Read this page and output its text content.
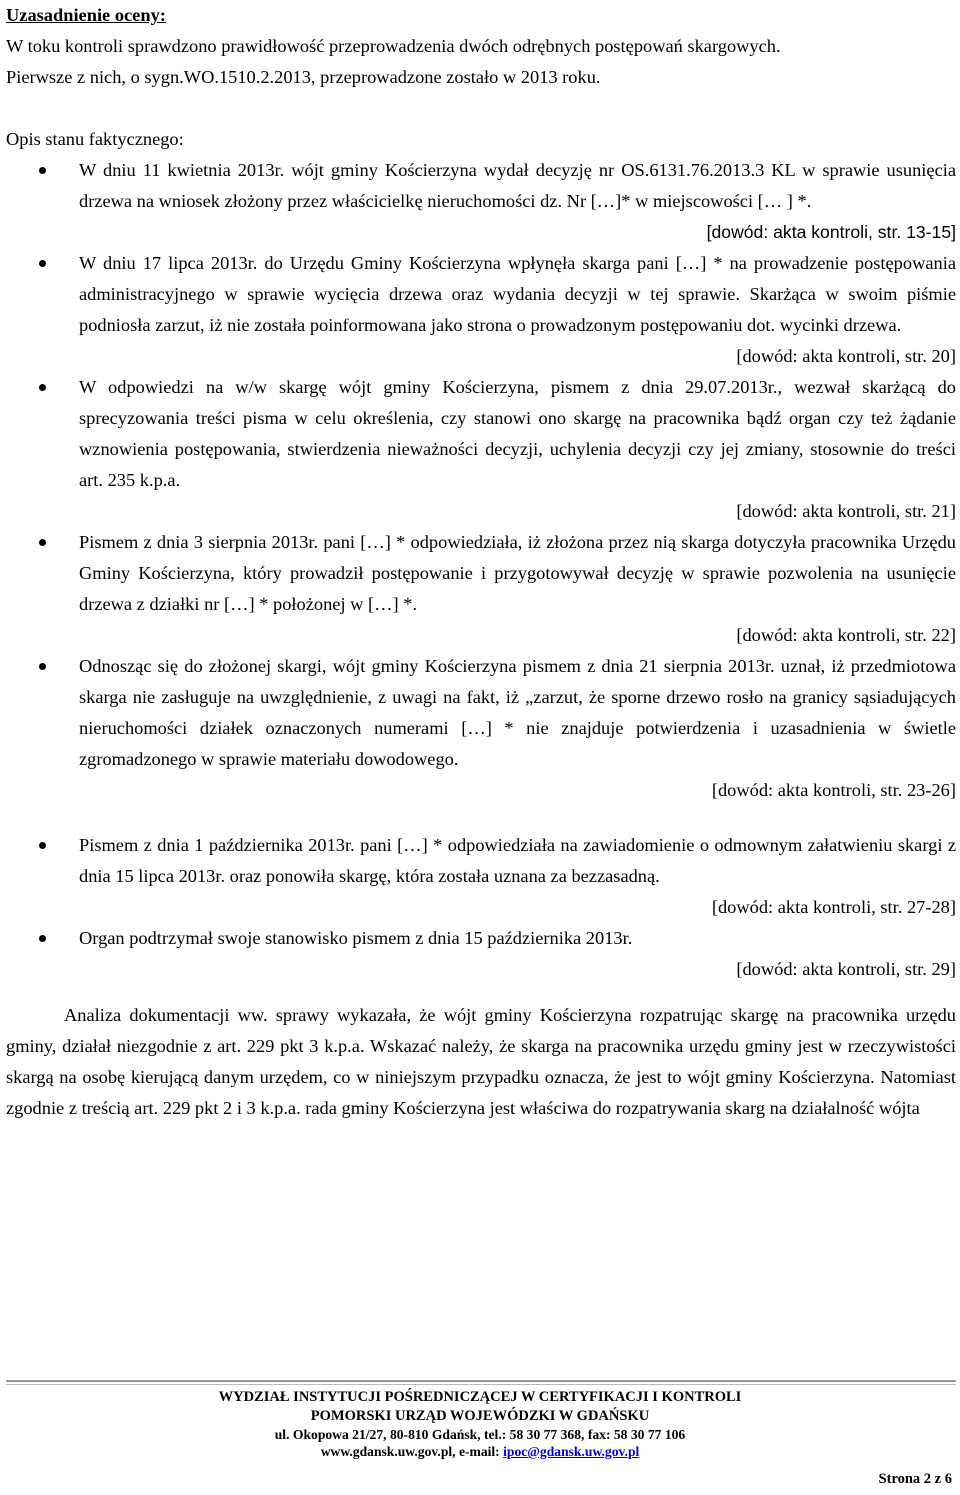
Uzasadnienie oceny:

W toku kontroli sprawdzono prawidłowość przeprowadzenia dwóch odrębnych postępowań skargowych.

Pierwsze z nich, o sygn.WO.1510.2.2013, przeprowadzone zostało w 2013 roku.

Opis stanu faktycznego:

W dniu 11 kwietnia 2013r. wójt gminy Kościerzyna wydał decyzję nr OS.6131.76.2013.3 KL w sprawie usunięcia drzewa na wniosek złożony przez właścicielkę nieruchomości dz. Nr […]* w miejscowości [… ] *.
[dowód: akta kontroli, str. 13-15]
W dniu 17 lipca 2013r. do Urzędu Gminy Kościerzyna wpłynęła skarga pani […] * na prowadzenie postępowania administracyjnego w sprawie wycięcia drzewa oraz wydania decyzji w tej sprawie. Skarżąca w swoim piśmie podniosła zarzut, iż nie została poinformowana jako strona o prowadzonym postępowaniu dot. wycinki drzewa.
[dowód: akta kontroli, str. 20]
W odpowiedzi na w/w skargę wójt gminy Kościerzyna, pismem z dnia 29.07.2013r., wezwał skarżącą do sprecyzowania treści pisma w celu określenia, czy stanowi ono skargę na pracownika bądź organ czy też żądanie wznowienia postępowania, stwierdzenia nieważności decyzji, uchylenia decyzji czy jej zmiany, stosownie do treści art. 235 k.p.a.
[dowód: akta kontroli, str. 21]
Pismem z dnia 3 sierpnia 2013r. pani […] * odpowiedziała, iż złożona przez nią skarga dotyczyła pracownika Urzędu Gminy Kościerzyna, który prowadził postępowanie i przygotowywał decyzję w sprawie pozwolenia na usunięcie drzewa z działki nr […] * położonej w […] *.
[dowód: akta kontroli, str. 22]
Odnosząc się do złożonej skargi, wójt gminy Kościerzyna pismem z dnia 21 sierpnia 2013r. uznał, iż przedmiotowa skarga nie zasługuje na uwzględnienie, z uwagi na fakt, iż „zarzut, że sporne drzewo rosło na granicy sąsiadujących nieruchomości działek oznaczonych numerami […] * nie znajduje potwierdzenia i uzasadnienia w świetle zgromadzonego w sprawie materiału dowodowego.
[dowód: akta kontroli, str. 23-26]
Pismem z dnia 1 października 2013r. pani […] * odpowiedziała na zawiadomienie o odmownym załatwieniu skargi z dnia 15 lipca 2013r. oraz ponowiła skargę, która została uznana za bezzasadną.
[dowód: akta kontroli, str. 27-28]
Organ podtrzymał swoje stanowisko pismem z dnia 15 października 2013r.
[dowód: akta kontroli, str. 29]

Analiza dokumentacji ww. sprawy wykazała, że wójt gminy Kościerzyna rozpatrując skargę na pracownika urzędu gminy, działał niezgodnie z art. 229 pkt 3 k.p.a. Wskazać należy, że skarga na pracownika urzędu gminy jest w rzeczywistości skargą na osobę kierującą danym urzędem, co w niniejszym przypadku oznacza, że jest to wójt gminy Kościerzyna. Natomiast zgodnie z treścią art. 229 pkt 2 i 3 k.p.a. rada gminy Kościerzyna jest właściwa do rozpatrywania skarg na działalność wójta

WYDZIAŁ INSTYTUCJI POŚREDNICZĄCEJ W CERTYFIKACJI I KONTROLI
POMORSKI URZĄD WOJEWÓDZKI W GDAŃSKU
ul. Okopowa 21/27, 80-810 Gdańsk, tel.: 58 30 77 368, fax: 58 30 77 106
www.gdansk.uw.gov.pl, e-mail: ipoc@gdansk.uw.gov.pl
Strona 2 z 6
